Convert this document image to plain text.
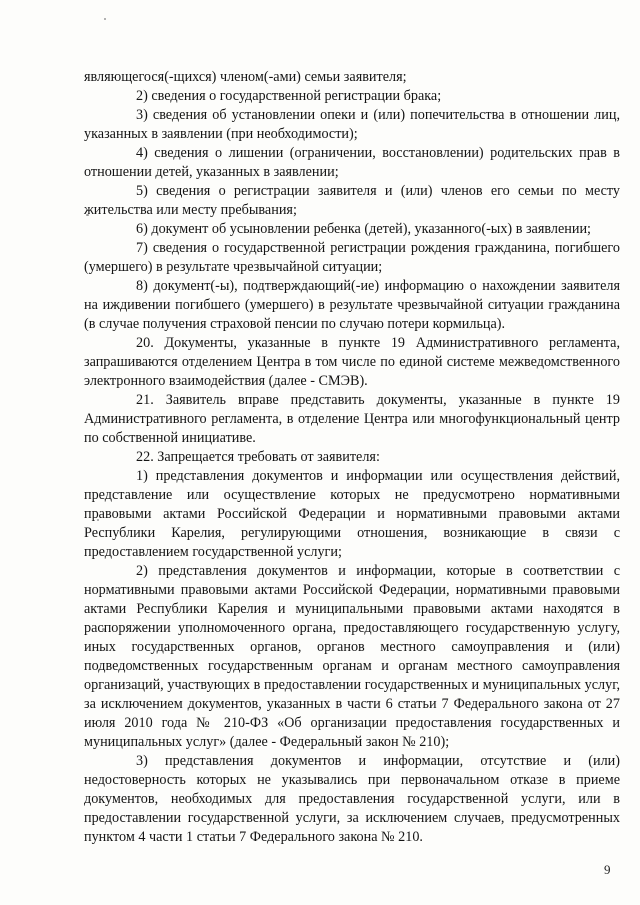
являющегося(-щихся) членом(-ами) семьи заявителя;

2) сведения о государственной регистрации брака;

3) сведения об установлении опеки и (или) попечительства в отношении лиц, указанных в заявлении (при необходимости);

4) сведения о лишении (ограничении, восстановлении) родительских прав в отношении детей, указанных в заявлении;

5) сведения о регистрации заявителя и (или) членов его семьи по месту жительства или месту пребывания;

6) документ об усыновлении ребенка (детей), указанного(-ых) в заявлении;

7) сведения о государственной регистрации рождения гражданина, погибшего (умершего) в результате чрезвычайной ситуации;

8) документ(-ы), подтверждающий(-ие) информацию о нахождении заявителя на иждивении погибшего (умершего) в результате чрезвычайной ситуации гражданина (в случае получения страховой пенсии по случаю потери кормильца).

20. Документы, указанные в пункте 19 Административного регламента, запрашиваются отделением Центра в том числе по единой системе межведомственного электронного взаимодействия (далее - СМЭВ).

21. Заявитель вправе представить документы, указанные в пункте 19 Административного регламента, в отделение Центра или многофункциональный центр по собственной инициативе.

22. Запрещается требовать от заявителя:

1) представления документов и информации или осуществления действий, представление или осуществление которых не предусмотрено нормативными правовыми актами Российской Федерации и нормативными правовыми актами Республики Карелия, регулирующими отношения, возникающие в связи с предоставлением государственной услуги;

2) представления документов и информации, которые в соответствии с нормативными правовыми актами Российской Федерации, нормативными правовыми актами Республики Карелия и муниципальными правовыми актами находятся в распоряжении уполномоченного органа, предоставляющего государственную услугу, иных государственных органов, органов местного самоуправления и (или) подведомственных государственным органам и органам местного самоуправления организаций, участвующих в предоставлении государственных и муниципальных услуг, за исключением документов, указанных в части 6 статьи 7 Федерального закона от 27 июля 2010 года № 210-ФЗ «Об организации предоставления государственных и муниципальных услуг» (далее - Федеральный закон № 210);

3) представления документов и информации, отсутствие и (или) недостоверность которых не указывались при первоначальном отказе в приеме документов, необходимых для предоставления государственной услуги, или в предоставлении государственной услуги, за исключением случаев, предусмотренных пунктом 4 части 1 статьи 7 Федерального закона № 210.

9
